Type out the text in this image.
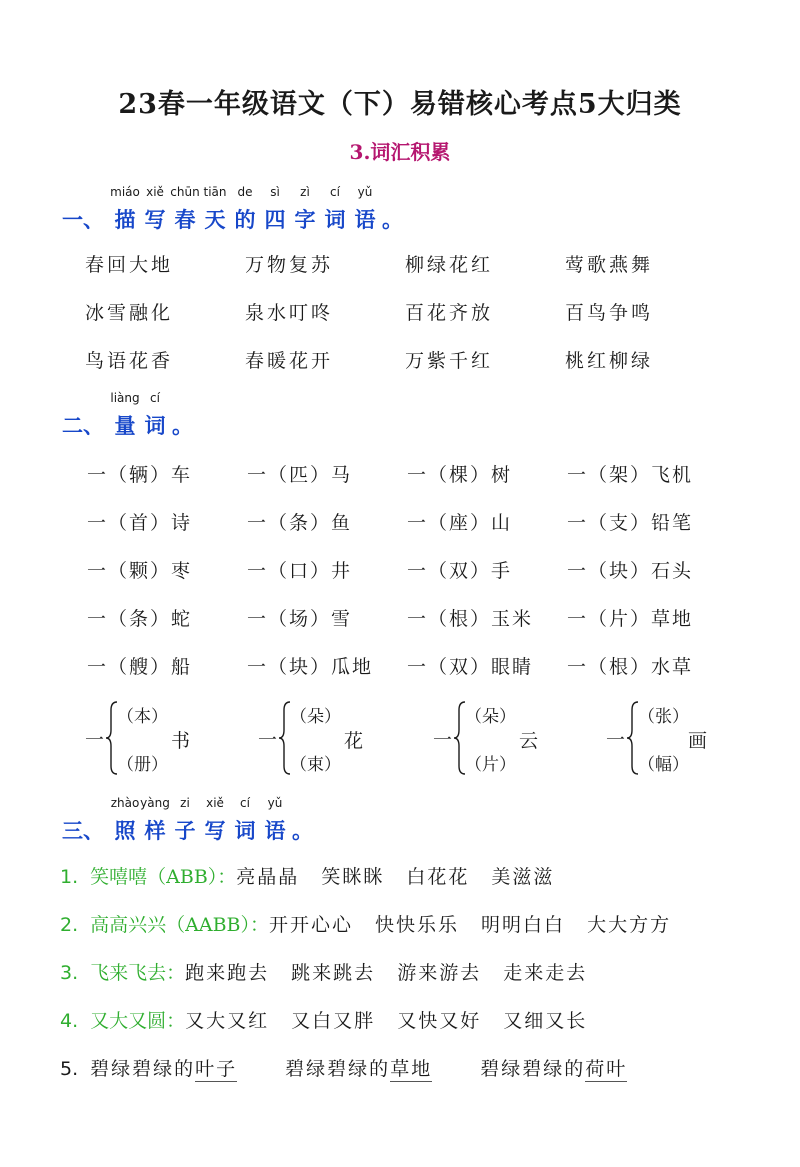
23春一年级语文（下）易错核心考点5大归类
3.词汇积累
一、 描
miáo
写
xiě
春
chūn
天
tiān
的
de
四
sì
字
zì
词
cí
语
yǔ
。
春回大地	万物复苏	柳绿花红	莺歌燕舞
冰雪融化	泉水叮咚	百花齐放	百鸟争鸣
鸟语花香	春暖花开	万紫千红	桃红柳绿
二、 量
liàng
词
cí
。
一（辆）车	一（匹）马	一（棵）树	一（架）飞机
一（首）诗	一（条）鱼	一（座）山	一（支）铅笔
一（颗）枣	一（口）井	一（双）手	一（块）石头
一（条）蛇	一（场）雪	一（根）玉米 一（片）草地
一（艘）船	一（块）瓜地 一（双）眼睛 一（根）水草
一
（本）
（册）
书	一
（朵）
（束）
花	一
（朵）
（片）
云	一
（张）
（幅）
画
三、 照
zhào
样
yàng
子
zi
写
xiě
词
cí
语
yǔ
。
1. 笑嘻嘻（ABB）：亮晶晶 笑眯眯 白花花 美滋滋
2. 高高兴兴（AABB）：开开心心 快快乐乐 明明白白 大大方方
3. 飞来飞去：跑来跑去 跳来跳去 游来游去 走来走去
4. 又大又圆：又大又红 又白又胖 又快又好 又细又长
5. 碧绿碧绿的叶子	碧绿碧绿的草地	碧绿碧绿的荷叶
